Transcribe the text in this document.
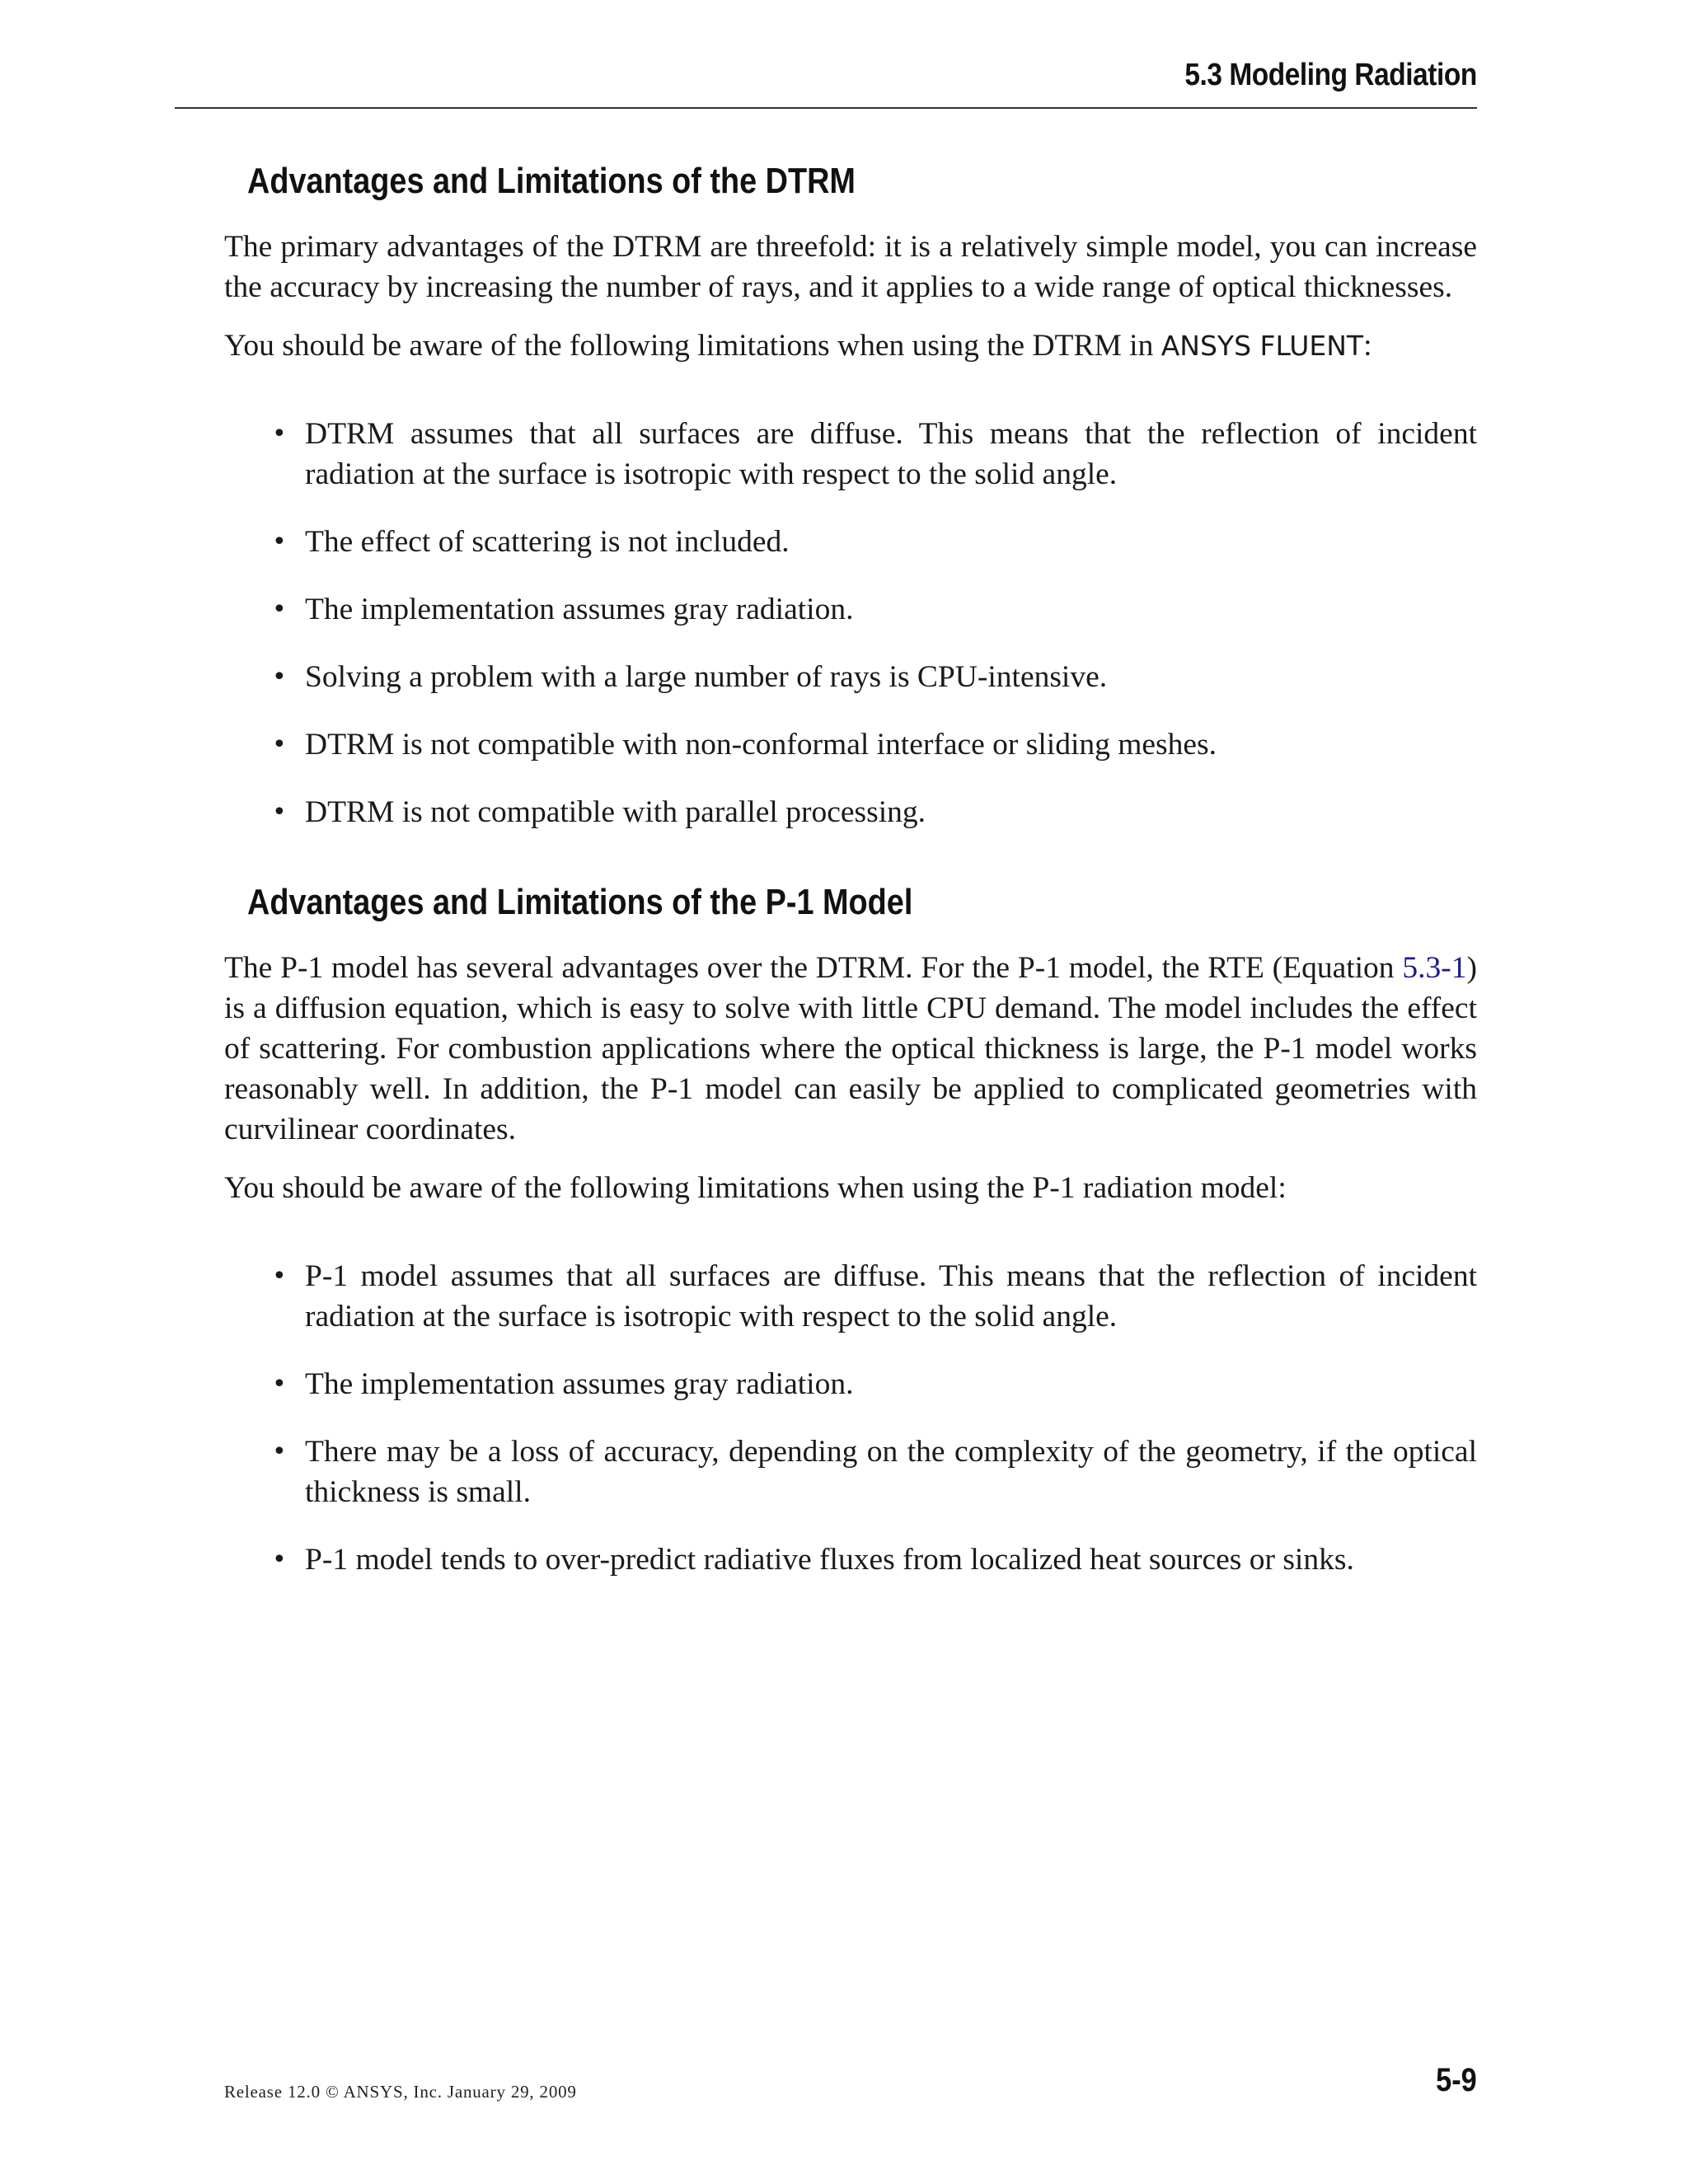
5.3 Modeling Radiation
Advantages and Limitations of the DTRM

The primary advantages of the DTRM are threefold: it is a relatively simple model, you can increase the accuracy by increasing the number of rays, and it applies to a wide range of optical thicknesses.

You should be aware of the following limitations when using the DTRM in ANSYS FLUENT:

• DTRM assumes that all surfaces are diffuse. This means that the reflection of incident radiation at the surface is isotropic with respect to the solid angle.
• The effect of scattering is not included.
• The implementation assumes gray radiation.
• Solving a problem with a large number of rays is CPU-intensive.
• DTRM is not compatible with non-conformal interface or sliding meshes.
• DTRM is not compatible with parallel processing.
Advantages and Limitations of the P-1 Model

The P-1 model has several advantages over the DTRM. For the P-1 model, the RTE (Equation 5.3-1) is a diffusion equation, which is easy to solve with little CPU demand. The model includes the effect of scattering. For combustion applications where the optical thickness is large, the P-1 model works reasonably well. In addition, the P-1 model can easily be applied to complicated geometries with curvilinear coordinates.

You should be aware of the following limitations when using the P-1 radiation model:

• P-1 model assumes that all surfaces are diffuse. This means that the reflection of incident radiation at the surface is isotropic with respect to the solid angle.
• The implementation assumes gray radiation.
• There may be a loss of accuracy, depending on the complexity of the geometry, if the optical thickness is small.
• P-1 model tends to over-predict radiative fluxes from localized heat sources or sinks.
Release 12.0 © ANSYS, Inc. January 29, 2009	5-9
